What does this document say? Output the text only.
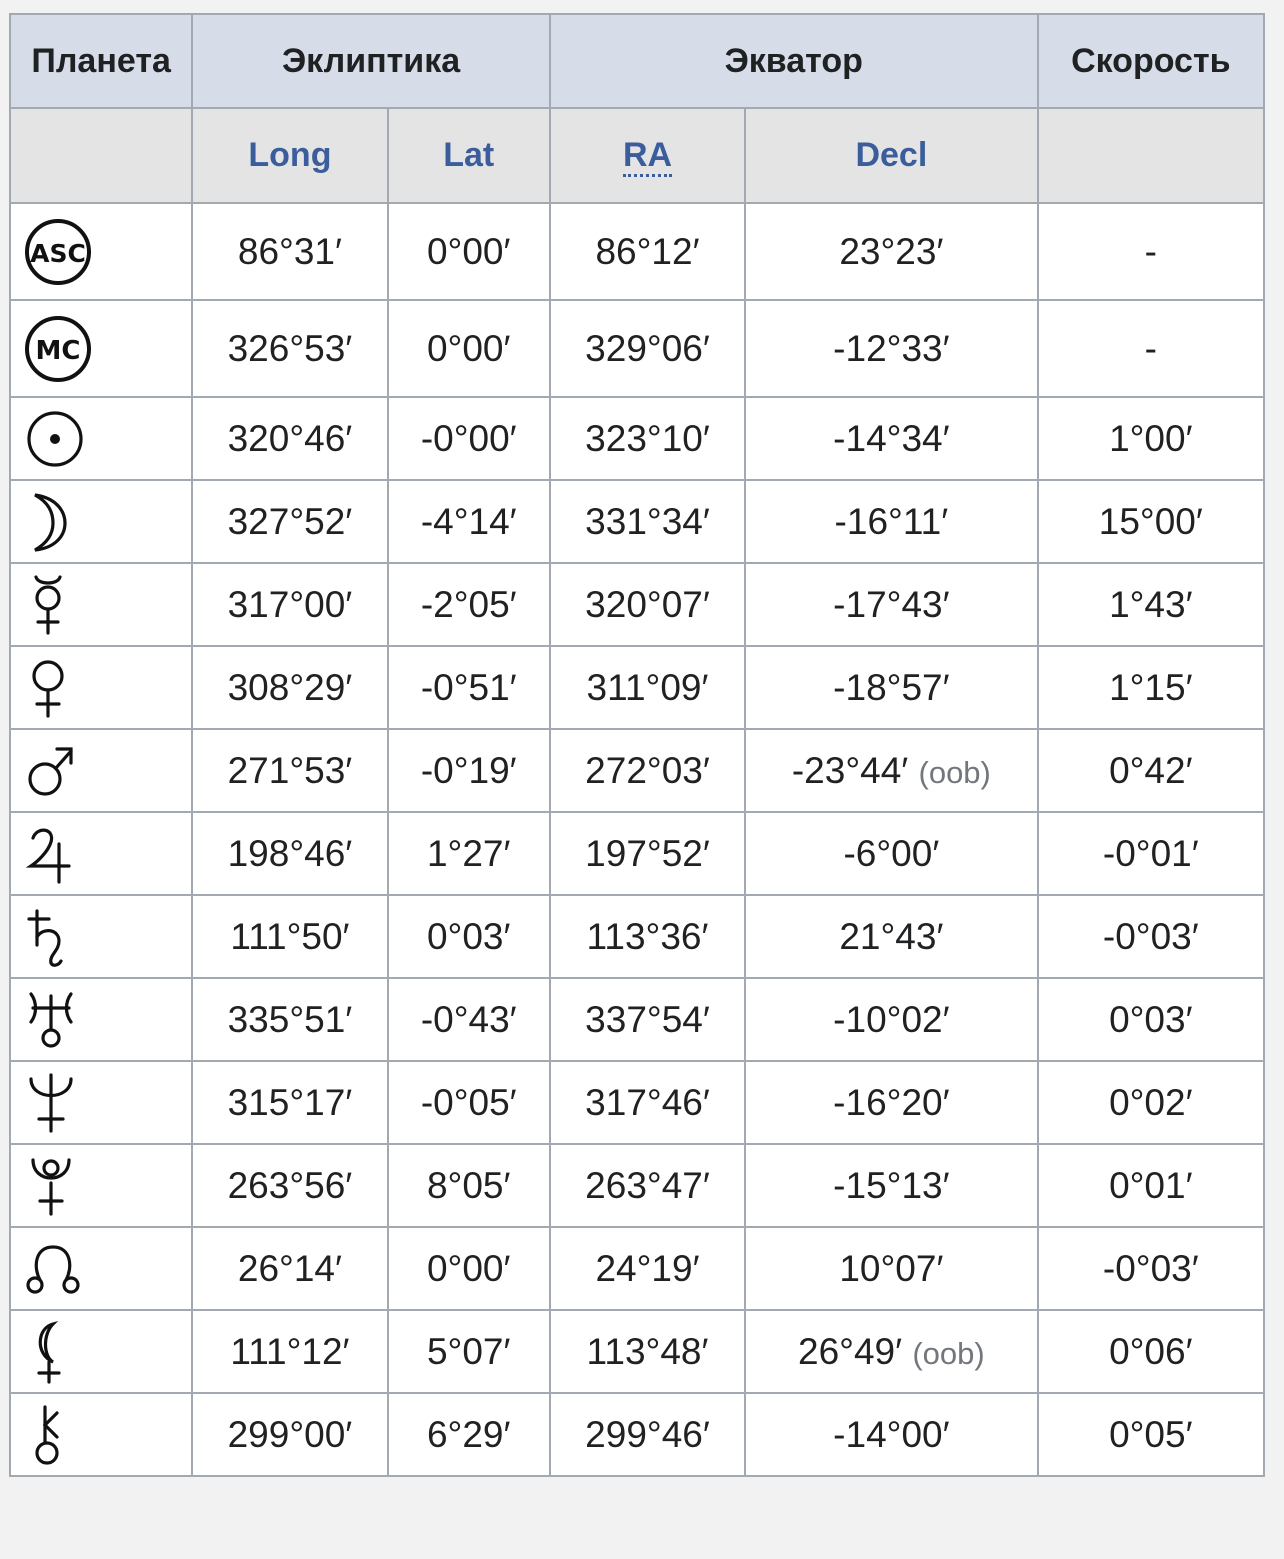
Планета	Эклиптика		Экватор		Скорость
	Long	Lat	RA	Decl	

ASC	86°31′	0°00′	86°12′	23°23′	-

MC	326°53′	0°00′	329°06′	-12°33′	-

	320°46′	-0°00′	323°10′	-14°34′	1°00′

	327°52′	-4°14′	331°34′	-16°11′	15°00′

	317°00′	-2°05′	320°07′	-17°43′	1°43′

	308°29′	-0°51′	311°09′	-18°57′	1°15′

	271°53′	-0°19′	272°03′	-23°44′ (oob)	0°42′

	198°46′	1°27′	197°52′	-6°00′	-0°01′

	111°50′	0°03′	113°36′	21°43′	-0°03′

	335°51′	-0°43′	337°54′	-10°02′	0°03′

	315°17′	-0°05′	317°46′	-16°20′	0°02′

	263°56′	8°05′	263°47′	-15°13′	0°01′

	26°14′	0°00′	24°19′	10°07′	-0°03′

	111°12′	5°07′	113°48′	26°49′ (oob)	0°06′

	299°00′	6°29′	299°46′	-14°00′	0°05′
